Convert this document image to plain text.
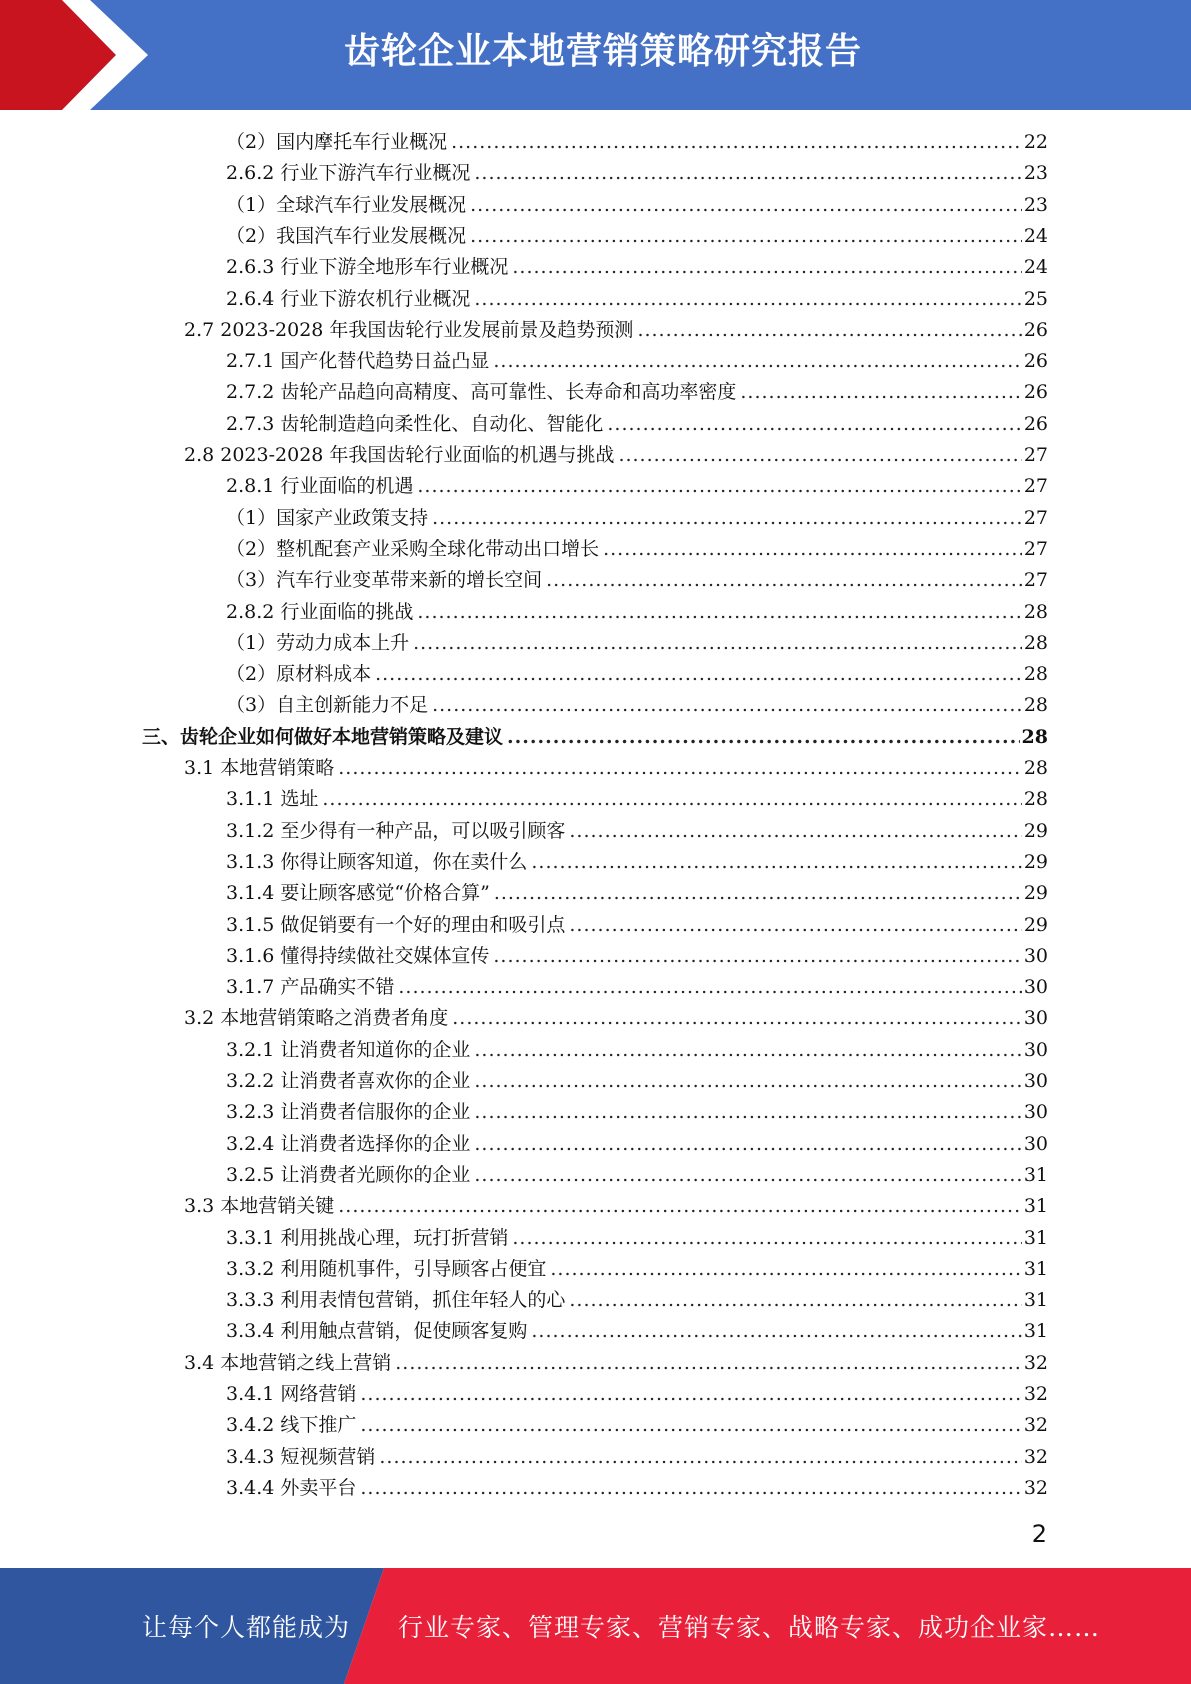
齿轮企业本地营销策略研究报告
（2）国内摩托车行业概况 .....	22
2.6.2 行业下游汽车行业概况 .....	23
（1）全球汽车行业发展概况 .....	23
（2）我国汽车行业发展概况 .....	24
2.6.3 行业下游全地形车行业概况 .....	24
2.6.4 行业下游农机行业概况 .....	25
2.7 2023-2028 年我国齿轮行业发展前景及趋势预测 .....	26
2.7.1 国产化替代趋势日益凸显 .....	26
2.7.2 齿轮产品趋向高精度、高可靠性、长寿命和高功率密度 .....	26
2.7.3 齿轮制造趋向柔性化、自动化、智能化 .....	26
2.8 2023-2028 年我国齿轮行业面临的机遇与挑战 .....	27
2.8.1 行业面临的机遇 .....	27
（1）国家产业政策支持 .....	27
（2）整机配套产业采购全球化带动出口增长 .....	27
（3）汽车行业变革带来新的增长空间 .....	27
2.8.2 行业面临的挑战 .....	28
（1）劳动力成本上升 .....	28
（2）原材料成本 .....	28
（3）自主创新能力不足 .....	28
三、齿轮企业如何做好本地营销策略及建议 .....	28
3.1 本地营销策略 .....	28
3.1.1 选址 .....	28
3.1.2 至少得有一种产品，可以吸引顾客 .....	29
3.1.3 你得让顾客知道，你在卖什么 .....	29
3.1.4 要让顾客感觉“价格合算” .....	29
3.1.5 做促销要有一个好的理由和吸引点 .....	29
3.1.6 懂得持续做社交媒体宣传 .....	30
3.1.7 产品确实不错 .....	30
3.2 本地营销策略之消费者角度 .....	30
3.2.1 让消费者知道你的企业 .....	30
3.2.2 让消费者喜欢你的企业 .....	30
3.2.3 让消费者信服你的企业 .....	30
3.2.4 让消费者选择你的企业 .....	30
3.2.5 让消费者光顾你的企业 .....	31
3.3 本地营销关键 .....	31
3.3.1 利用挑战心理，玩打折营销 .....	31
3.3.2 利用随机事件，引导顾客占便宜 .....	31
3.3.3 利用表情包营销，抓住年轻人的心 .....	31
3.3.4 利用触点营销，促使顾客复购 .....	31
3.4 本地营销之线上营销 .....	32
3.4.1 网络营销 .....	32
3.4.2 线下推广 .....	32
3.4.3 短视频营销 .....	32
3.4.4 外卖平台 .....	32
2
让每个人都能成为 行业专家、管理专家、营销专家、战略专家、成功企业家……
